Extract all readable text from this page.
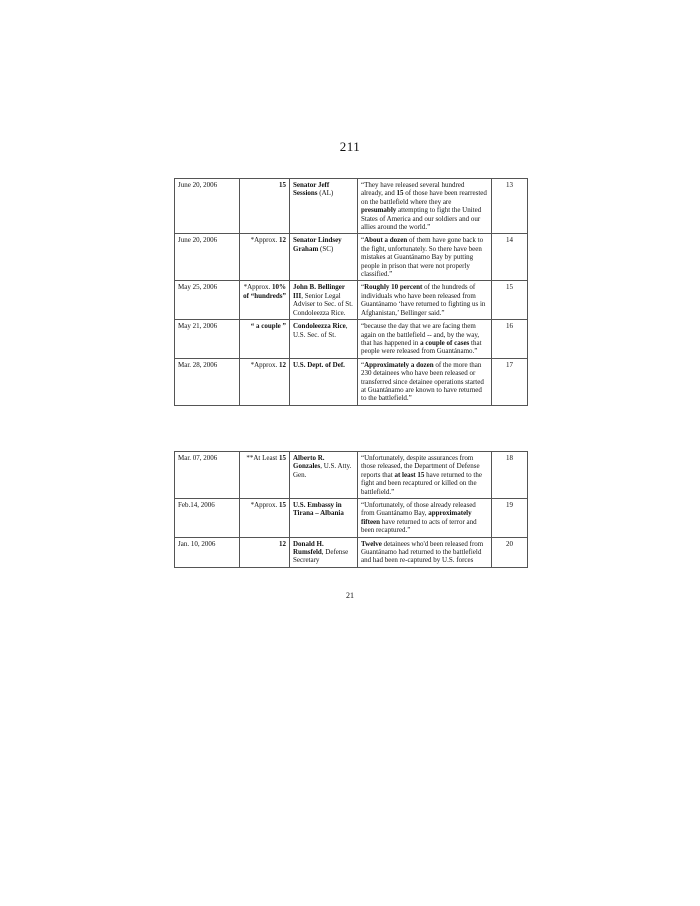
211
June 20, 2006	15	Senator Jeff Sessions (AL)	“They have released several hundred already, and 15 of those have been rearrested on the battlefield where they are presumably attempting to fight the United States of America and our soldiers and our allies around the world.”	13
June 20, 2006	*Approx. 12	Senator Lindsey Graham (SC)	“About a dozen of them have gone back to the fight, unfortunately. So there have been mistakes at Guantánamo Bay by putting people in prison that were not properly classified.”	14
May 25, 2006	*Approx. 10% of “hundreds”	John B. Bellinger III, Senior Legal Adviser to Sec. of St. Condoleezza Rice.	“Roughly 10 percent of the hundreds of individuals who have been released from Guantánamo ‘have returned to fighting us in Afghanistan,’ Bellinger said.”	15
May 21, 2006	“ a couple ”	Condoleezza Rice, U.S. Sec. of St.	“because the day that we are facing them again on the battlefield -- and, by the way, that has happened in a couple of cases that people were released from Guantánamo.”	16
Mar. 28, 2006	*Approx. 12	U.S. Dept. of Def.	“Approximately a dozen of the more than 230 detainees who have been released or transferred since detainee operations started at Guantánamo are known to have returned to the battlefield.”	17
Mar. 07, 2006	**At Least 15	Alberto R. Gonzales, U.S. Atty. Gen.	“Unfortunately, despite assurances from those released, the Department of Defense reports that at least 15 have returned to the fight and been recaptured or killed on the battlefield.”	18
Feb.14, 2006	*Approx. 15	U.S. Embassy in Tirana – Albania	“Unfortunately, of those already released from Guantánamo Bay, approximately fifteen have returned to acts of terror and been recaptured.”	19
Jan. 10, 2006	12	Donald H. Rumsfeld, Defense Secretary	Twelve detainees who'd been released from Guantánamo had returned to the battlefield and had been re-captured by U.S. forces	20
21
